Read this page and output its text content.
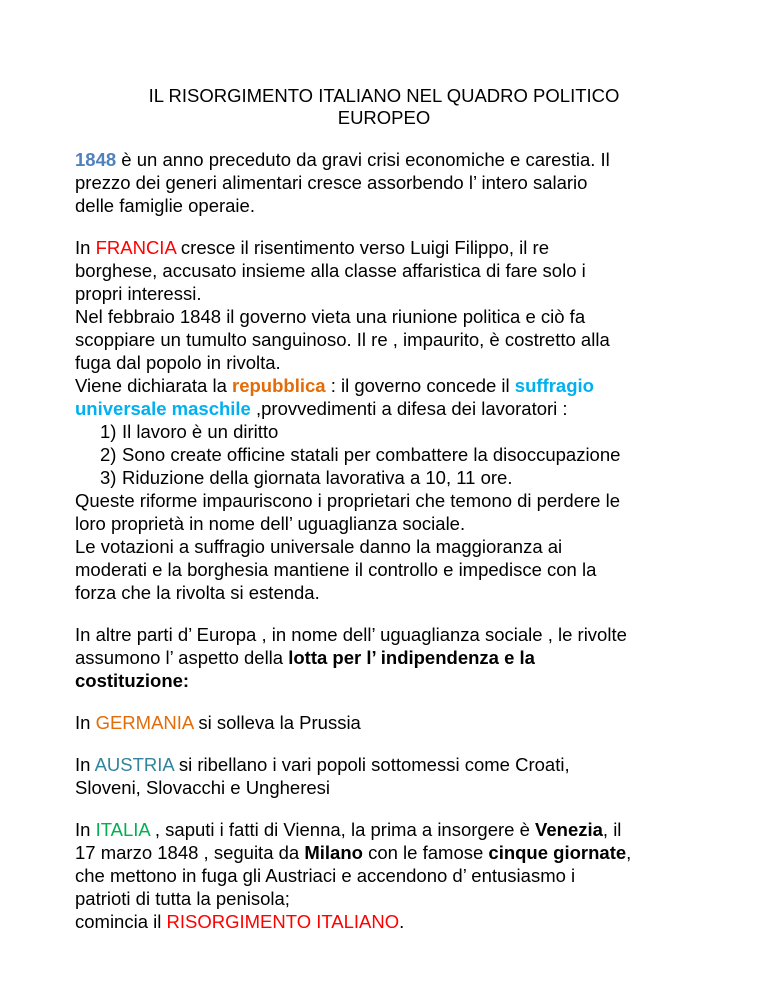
IL RISORGIMENTO ITALIANO NEL QUADRO POLITICO
EUROPEO
1848 è un anno preceduto da gravi crisi economiche e carestia. Il
prezzo dei generi alimentari cresce assorbendo l’ intero salario
delle famiglie operaie.
In FRANCIA cresce il risentimento verso Luigi Filippo, il re
borghese, accusato insieme alla classe affaristica di fare solo i
propri interessi.
Nel febbraio 1848 il governo vieta una riunione politica e ciò fa
scoppiare un tumulto sanguinoso. Il re , impaurito, è costretto alla
fuga dal popolo in rivolta.
Viene dichiarata la repubblica : il governo concede il suffragio
universale maschile ,provvedimenti a difesa dei lavoratori :
1) Il lavoro è un diritto
2) Sono create officine statali per combattere la disoccupazione
3) Riduzione della giornata lavorativa a 10, 11 ore.
Queste riforme impauriscono i proprietari che temono di perdere le
loro proprietà in nome dell’ uguaglianza sociale.
Le votazioni a suffragio universale danno la maggioranza ai
moderati e la borghesia mantiene il controllo e impedisce con la
forza che la rivolta si estenda.
In altre parti d’ Europa , in nome dell’ uguaglianza sociale , le rivolte
assumono l’ aspetto della lotta per l’ indipendenza e la
costituzione:
In GERMANIA si solleva la Prussia
In AUSTRIA si ribellano i vari popoli sottomessi come Croati,
Sloveni, Slovacchi e Ungheresi
In ITALIA , saputi i fatti di Vienna, la prima a insorgere è Venezia, il
17 marzo 1848 , seguita da Milano con le famose cinque giornate,
che mettono in fuga gli Austriaci e accendono d’ entusiasmo i
patrioti di tutta la penisola;
comincia il RISORGIMENTO ITALIANO.
